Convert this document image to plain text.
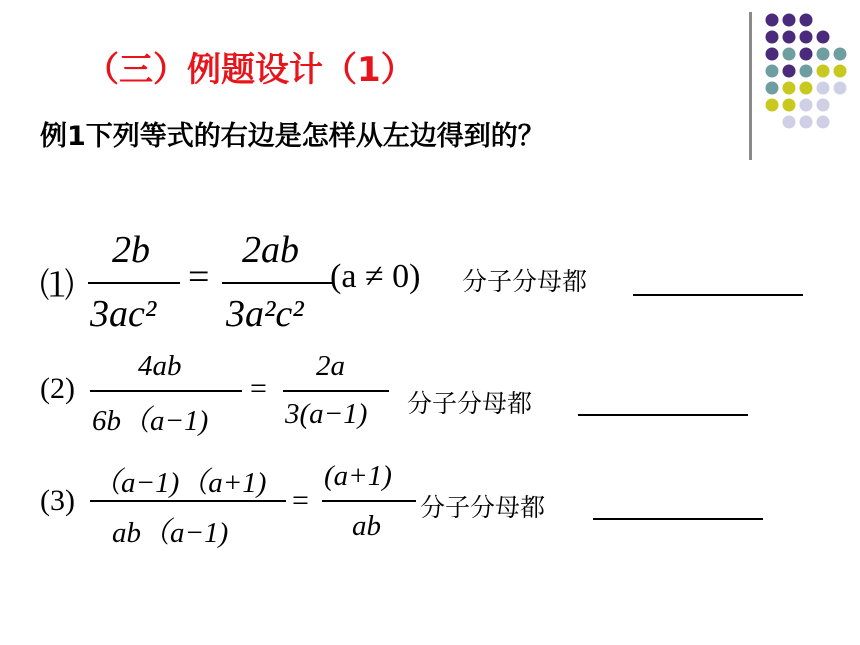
（三）例题设计（1）
例1下列等式的右边是怎样从左边得到的？
⑴
2b
3ac²
=
2ab
3a²c²
(a ≠ 0) 分子分母都
(2)
4ab
6b（a−1)
=
2a
3(a−1) 分子分母都
(3)
（a−1)（a+1)
ab（a−1)
=
(a+1)
ab
分子分母都
